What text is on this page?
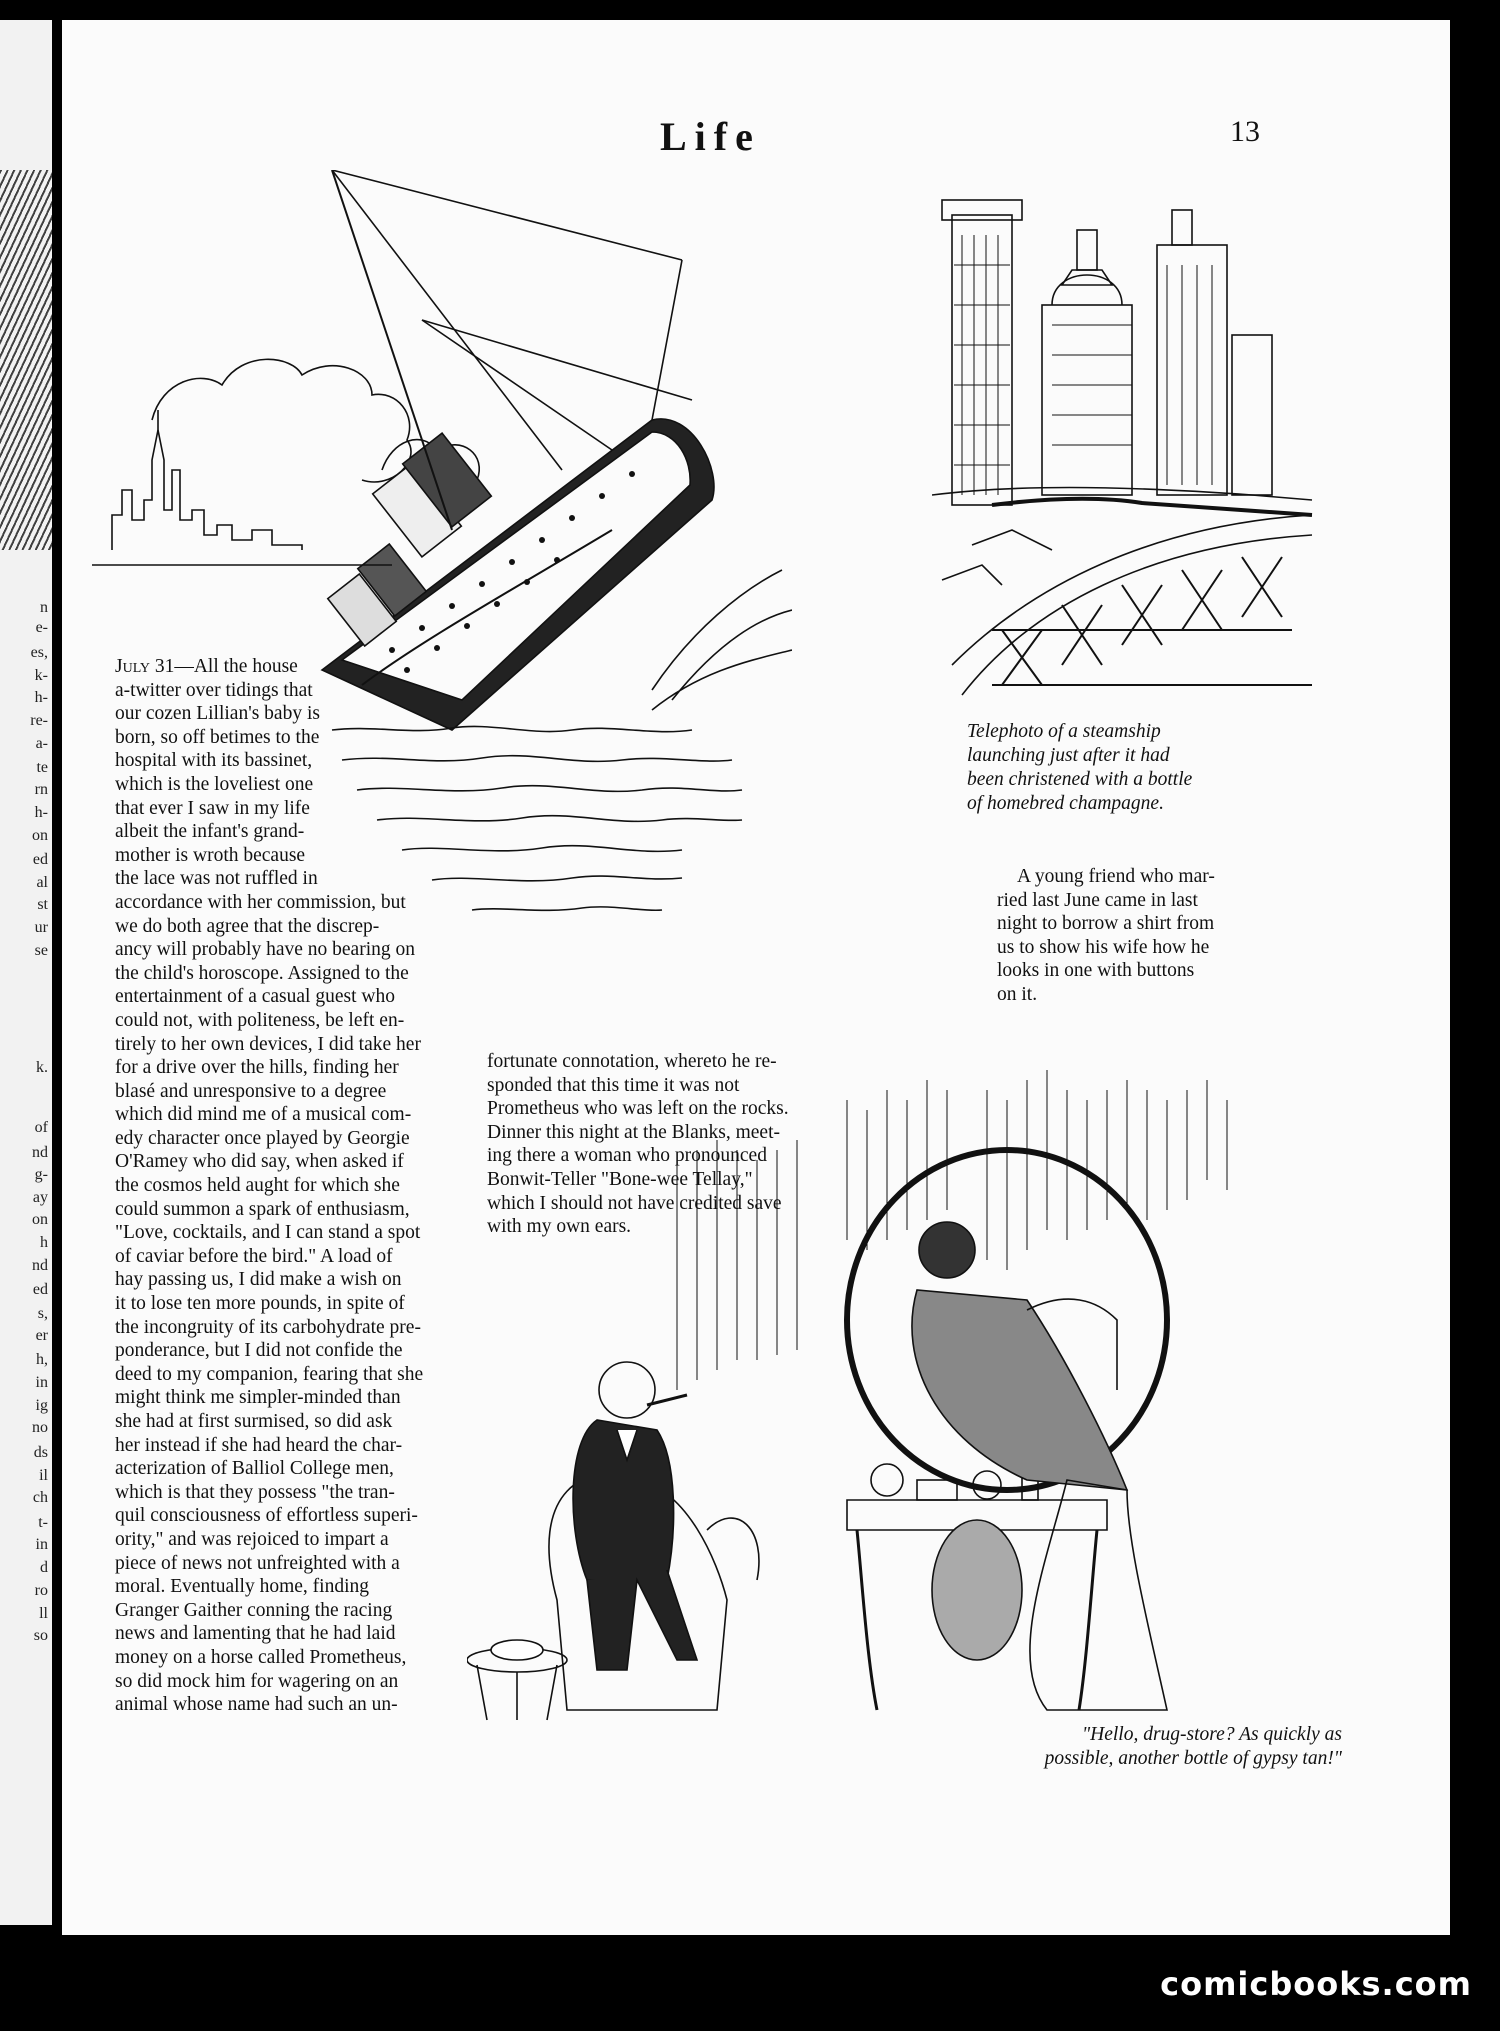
n
e-
es,
k-
h-
re-
a-
te
rn
h-
on
ed
al
st
ur
se
k.
of
nd
g-
ay
on
h
nd
ed
s,
er
h,
in
ig
no
ds
il
ch
t-
in
d
ro
ll
so
Life	13
July 31—All the house
a-twitter over tidings that
our cozen Lillian's baby is
born, so off betimes to the
hospital with its bassinet,
which is the loveliest one
that ever I saw in my life
albeit the infant's grand-
mother is wroth because
the lace was not ruffled in
accordance with her commission, but
we do both agree that the discrep-
ancy will probably have no bearing on
the child's horoscope. Assigned to the
entertainment of a casual guest who
could not, with politeness, be left en-
tirely to her own devices, I did take her
for a drive over the hills, finding her
blasé and unresponsive to a degree
which did mind me of a musical com-
edy character once played by Georgie
O'Ramey who did say, when asked if
the cosmos held aught for which she
could summon a spark of enthusiasm,
"Love, cocktails, and I can stand a spot
of caviar before the bird." A load of
hay passing us, I did make a wish on
it to lose ten more pounds, in spite of
the incongruity of its carbohydrate pre-
ponderance, but I did not confide the
deed to my companion, fearing that she
might think me simpler-minded than
she had at first surmised, so did ask
her instead if she had heard the char-
acterization of Balliol College men,
which is that they possess "the tran-
quil consciousness of effortless superi-
ority," and was rejoiced to impart a
piece of news not unfreighted with a
moral. Eventually home, finding
Granger Gaither conning the racing
news and lamenting that he had laid
money on a horse called Prometheus,
so did mock him for wagering on an
animal whose name had such an un-
fortunate connotation, whereto he re-
sponded that this time it was not
Prometheus who was left on the rocks.
Dinner this night at the Blanks, meet-
ing there a woman who pronounced
Bonwit-Teller "Bone-wee Tellay,"
which I should not have credited save
with my own ears.
Telephoto of a steamship
launching just after it had
been christened with a bottle
of homebred champagne.
A young friend who mar-
ried last June came in last
night to borrow a shirt from
us to show his wife how he
looks in one with buttons
on it.
"Hello, drug-store? As quickly as
possible, another bottle of gypsy tan!"
comicbooks.com
